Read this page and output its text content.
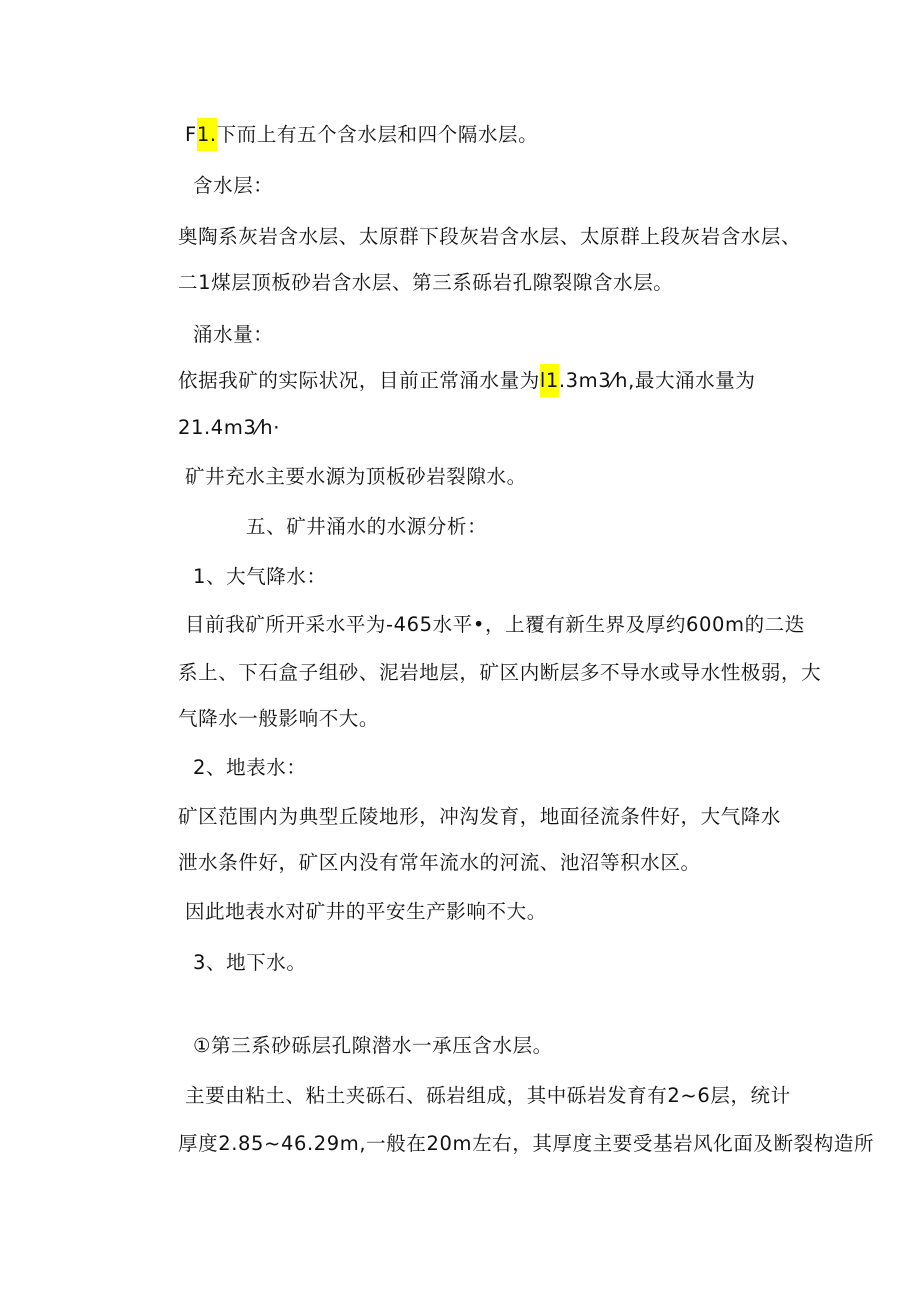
F1.下而上有五个含水层和四个隔水层。
含水层：
奥陶系灰岩含水层、太原群下段灰岩含水层、太原群上段灰岩含水层、
二1煤层顶板砂岩含水层、第三系砾岩孔隙裂隙含水层。
涌水量：
依据我矿的实际状况，目前正常涌水量为l1.3m3⁄h,最大涌水量为
21.4m3⁄h·
矿井充水主要水源为顶板砂岩裂隙水。
五、矿井涌水的水源分析：
1、大气降水：
目前我矿所开采水平为-465水平•，上覆有新生界及厚约600m的二迭
系上、下石盒子组砂、泥岩地层，矿区内断层多不导水或导水性极弱，大
气降水一般影响不大。
2、地表水：
矿区范围内为典型丘陵地形，冲沟发育，地面径流条件好，大气降水
泄水条件好，矿区内没有常年流水的河流、池沼等积水区。
因此地表水对矿井的平安生产影响不大。
3、地下水。
①第三系砂砾层孔隙潜水一承压含水层。
主要由粘土、粘土夹砾石、砾岩组成，其中砾岩发育有2~6层，统计
厚度2.85~46.29m,一般在20m左右，其厚度主要受基岩风化面及断裂构造所
